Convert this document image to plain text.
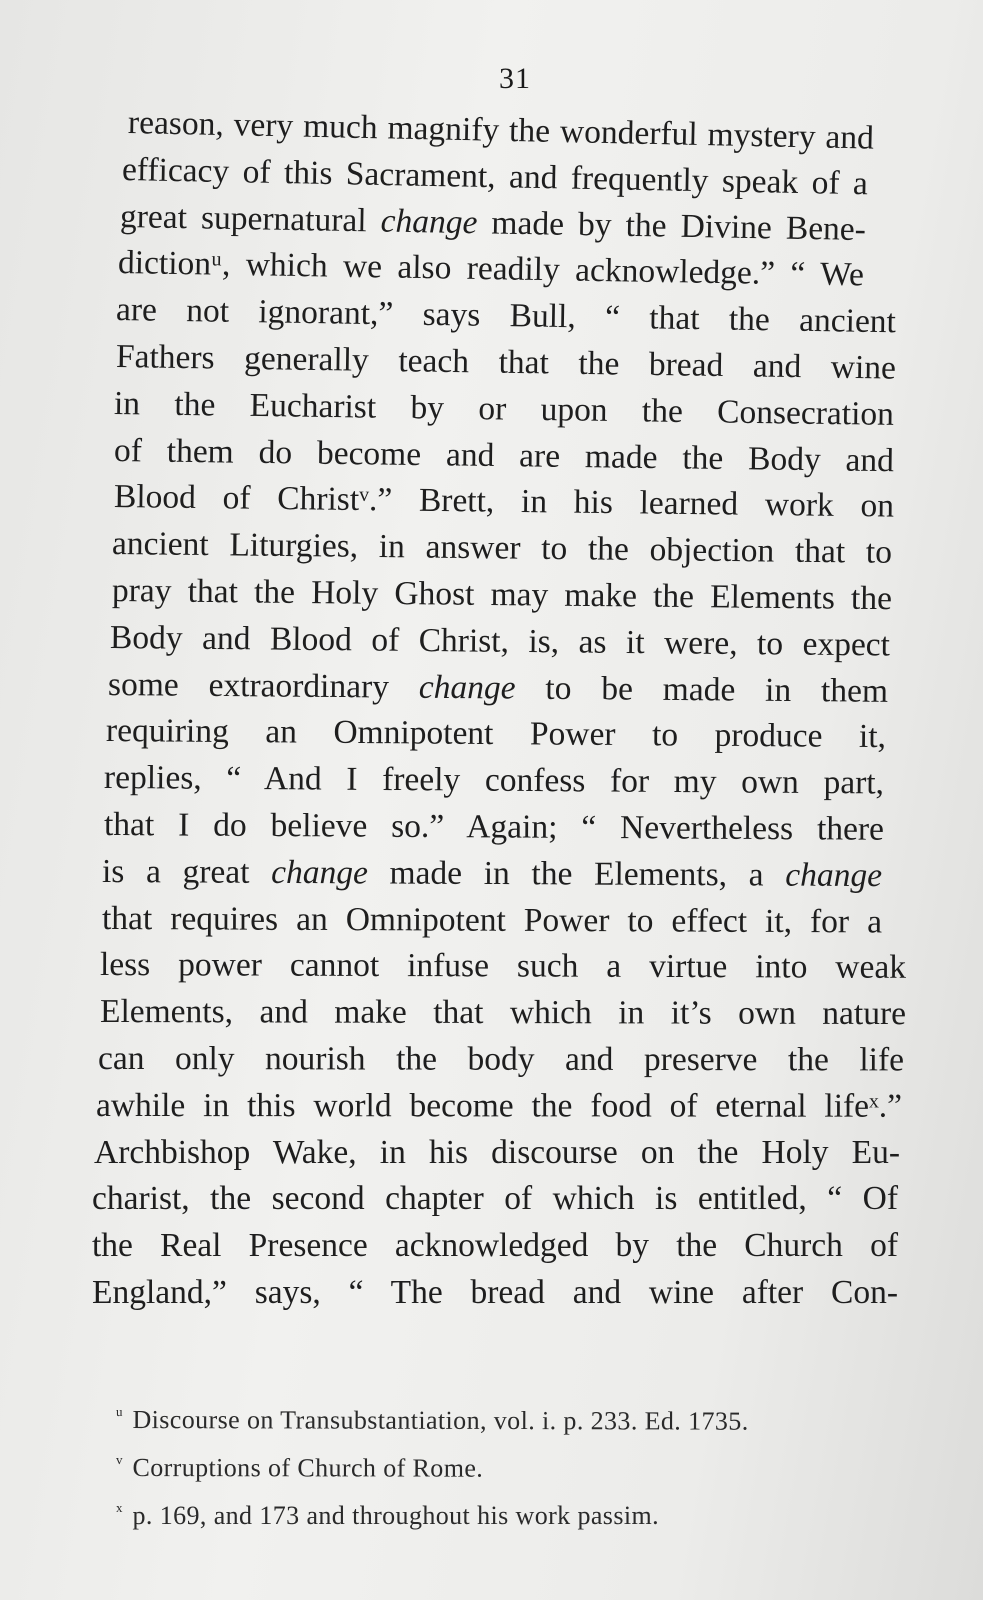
31
reason, very much magnify the wonderful mystery and
efficacy of this Sacrament, and frequently speak of a
great supernatural change made by the Divine Bene-
dictionᵘ, which we also readily acknowledge.” “ We
are not ignorant,” says Bull, “ that the ancient
Fathers generally teach that the bread and wine
in the Eucharist by or upon the Consecration
of them do become and are made the Body and
Blood of Christᵛ.” Brett, in his learned work on
ancient Liturgies, in answer to the objection that to
pray that the Holy Ghost may make the Elements the
Body and Blood of Christ, is, as it were, to expect
some extraordinary change to be made in them
requiring an Omnipotent Power to produce it,
replies, “ And I freely confess for my own part,
that I do believe so.” Again; “ Nevertheless there
is a great change made in the Elements, a change
that requires an Omnipotent Power to effect it, for a
less power cannot infuse such a virtue into weak
Elements, and make that which in it’s own nature
can only nourish the body and preserve the life
awhile in this world become the food of eternal lifeˣ.”
Archbishop Wake, in his discourse on the Holy Eu-
charist, the second chapter of which is entitled, “ Of
the Real Presence acknowledged by the Church of
England,” says, “ The bread and wine after Con-
$^u$ Discourse on Transubstantiation, vol. i. p. 233. Ed. 1735.
$^v$ Corruptions of Church of Rome.
$^x$ p. 169, and 173 and throughout his work passim.
